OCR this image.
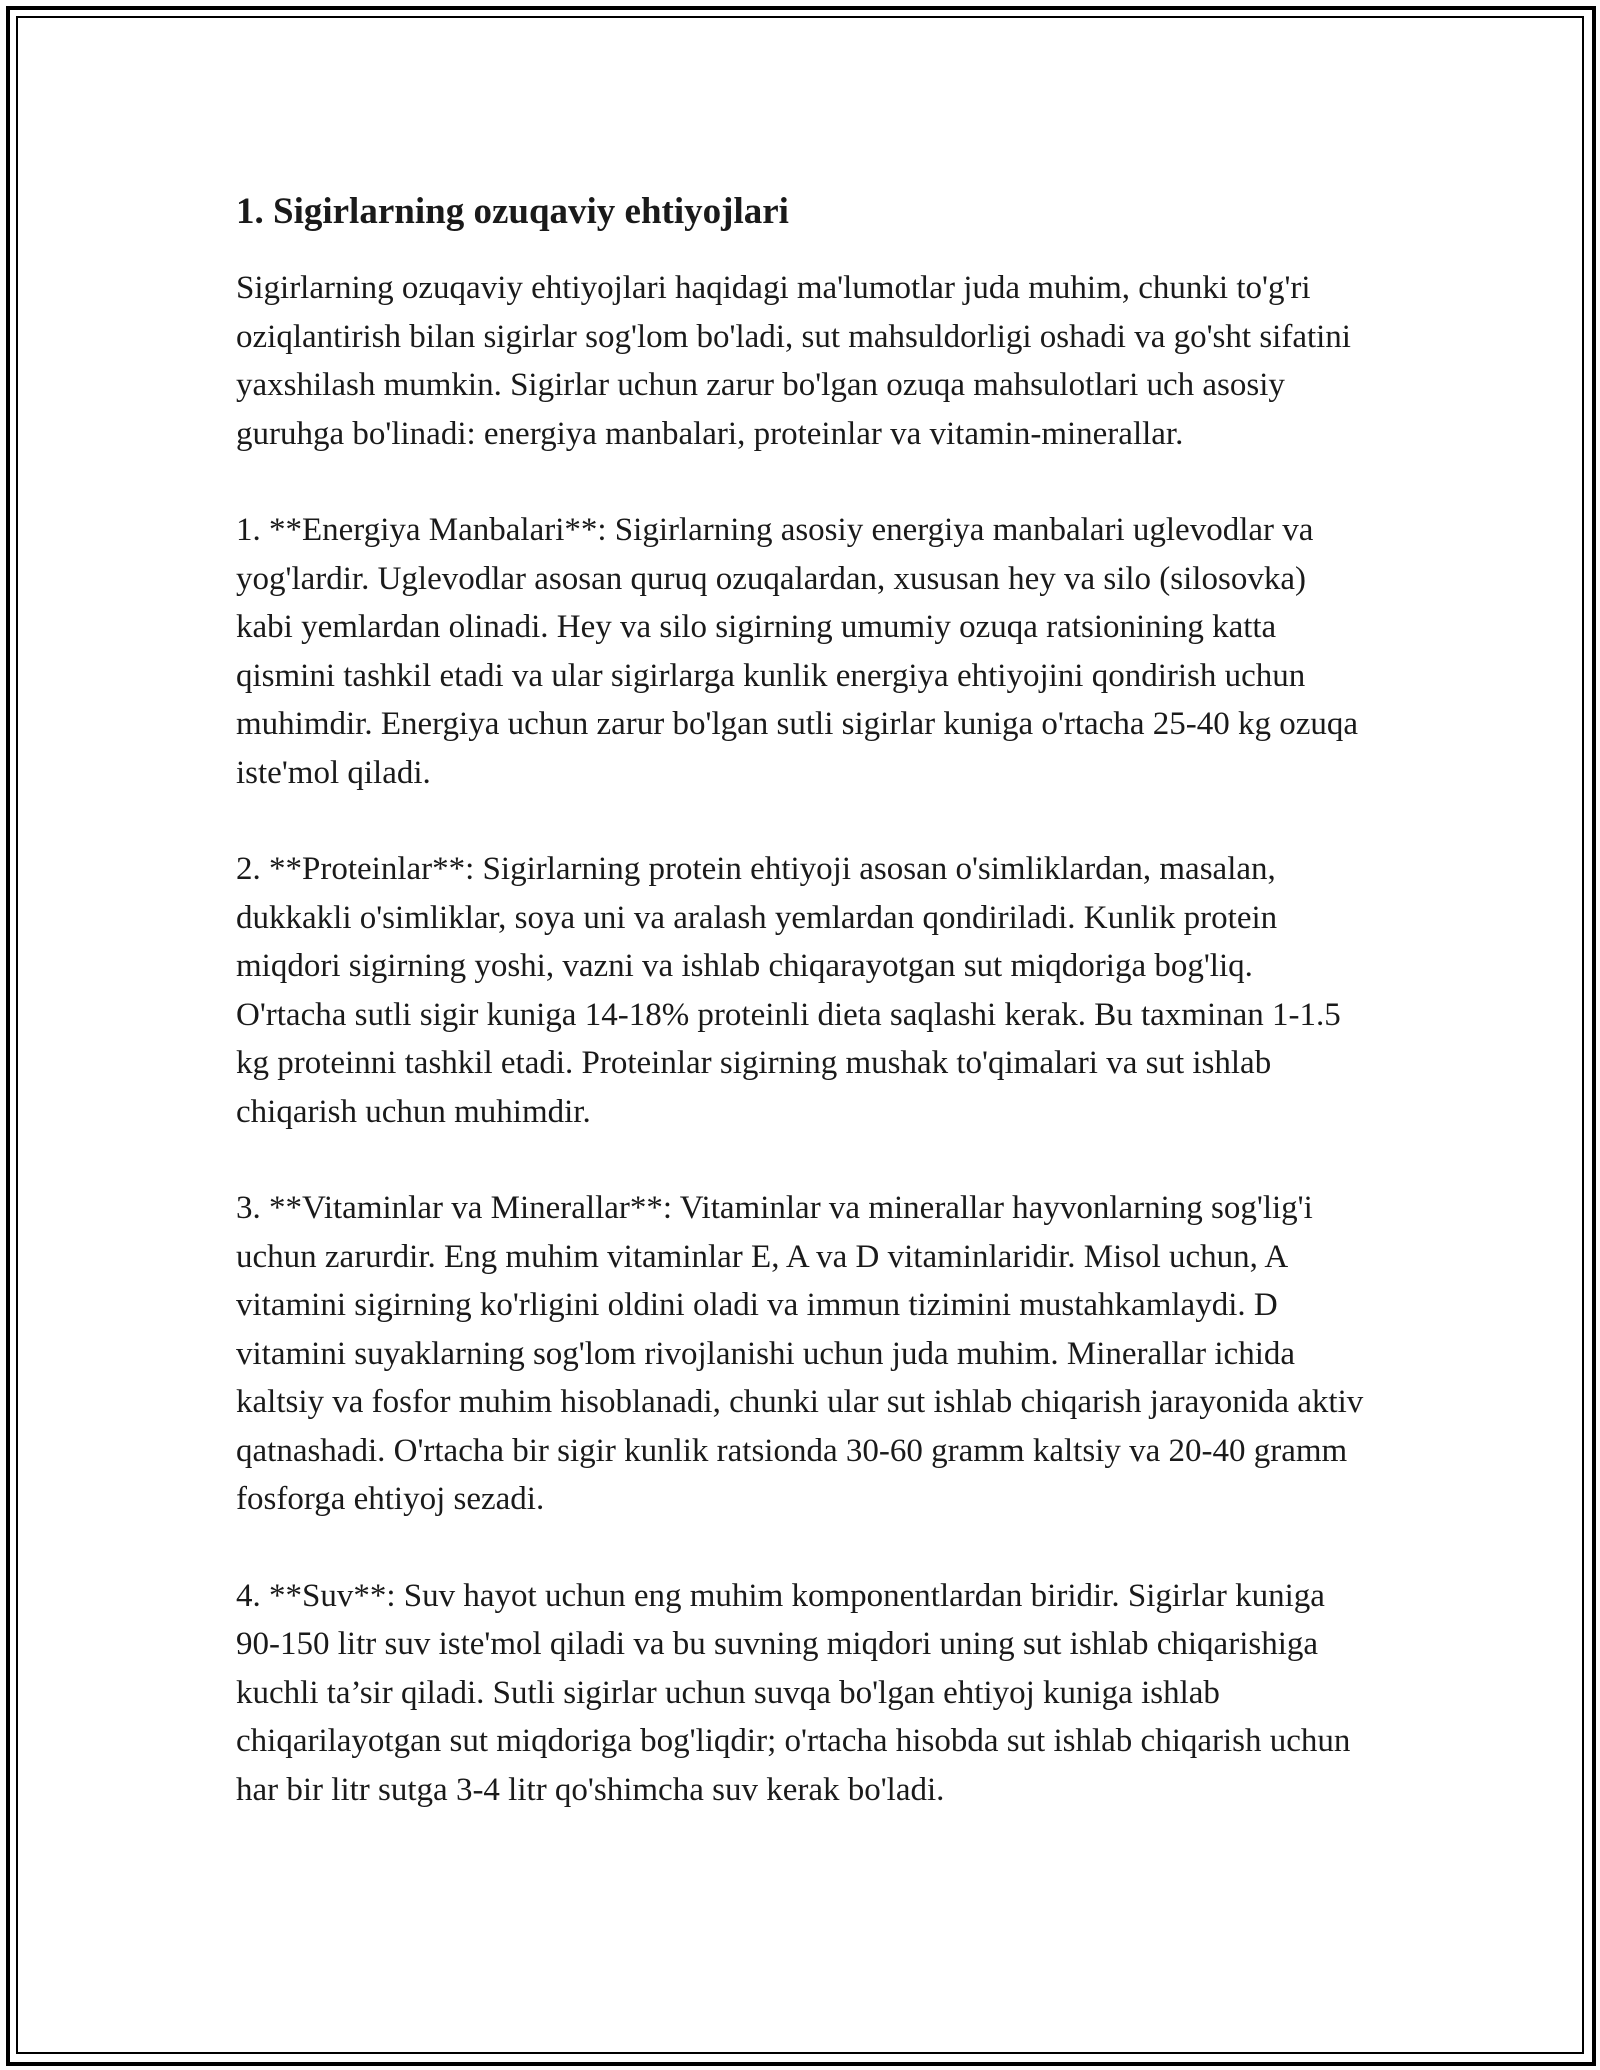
1. Sigirlarning ozuqaviy ehtiyojlari

Sigirlarning ozuqaviy ehtiyojlari haqidagi ma'lumotlar juda muhim, chunki to'g'ri oziqlantirish bilan sigirlar sog'lom bo'ladi, sut mahsuldorligi oshadi va go'sht sifatini yaxshilash mumkin. Sigirlar uchun zarur bo'lgan ozuqa mahsulotlari uch asosiy guruhga bo'linadi: energiya manbalari, proteinlar va vitamin-minerallar.

1. **Energiya Manbalari**: Sigirlarning asosiy energiya manbalari uglevodlar va yog'lardir. Uglevodlar asosan quruq ozuqalardan, xususan hey va silo (silosovka) kabi yemlardan olinadi. Hey va silo sigirning umumiy ozuqa ratsionining katta qismini tashkil etadi va ular sigirlarga kunlik energiya ehtiyojini qondirish uchun muhimdir. Energiya uchun zarur bo'lgan sutli sigirlar kuniga o'rtacha 25-40 kg ozuqa iste'mol qiladi.

2. **Proteinlar**: Sigirlarning protein ehtiyoji asosan o'simliklardan, masalan, dukkakli o'simliklar, soya uni va aralash yemlardan qondiriladi. Kunlik protein miqdori sigirning yoshi, vazni va ishlab chiqarayotgan sut miqdoriga bog'liq. O'rtacha sutli sigir kuniga 14-18% proteinli dieta saqlashi kerak. Bu taxminan 1-1.5 kg proteinni tashkil etadi. Proteinlar sigirning mushak to'qimalari va sut ishlab chiqarish uchun muhimdir.

3. **Vitaminlar va Minerallar**: Vitaminlar va minerallar hayvonlarning sog'lig'i uchun zarurdir. Eng muhim vitaminlar E, A va D vitaminlaridir. Misol uchun, A vitamini sigirning ko'rligini oldini oladi va immun tizimini mustahkamlaydi. D vitamini suyaklarning sog'lom rivojlanishi uchun juda muhim. Minerallar ichida kaltsiy va fosfor muhim hisoblanadi, chunki ular sut ishlab chiqarish jarayonida aktiv qatnashadi. O'rtacha bir sigir kunlik ratsionda 30-60 gramm kaltsiy va 20-40 gramm fosforga ehtiyoj sezadi.

4. **Suv**: Suv hayot uchun eng muhim komponentlardan biridir. Sigirlar kuniga 90-150 litr suv iste'mol qiladi va bu suvning miqdori uning sut ishlab chiqarishiga kuchli ta’sir qiladi. Sutli sigirlar uchun suvqa bo'lgan ehtiyoj kuniga ishlab chiqarilayotgan sut miqdoriga bog'liqdir; o'rtacha hisobda sut ishlab chiqarish uchun har bir litr sutga 3-4 litr qo'shimcha suv kerak bo'ladi.
